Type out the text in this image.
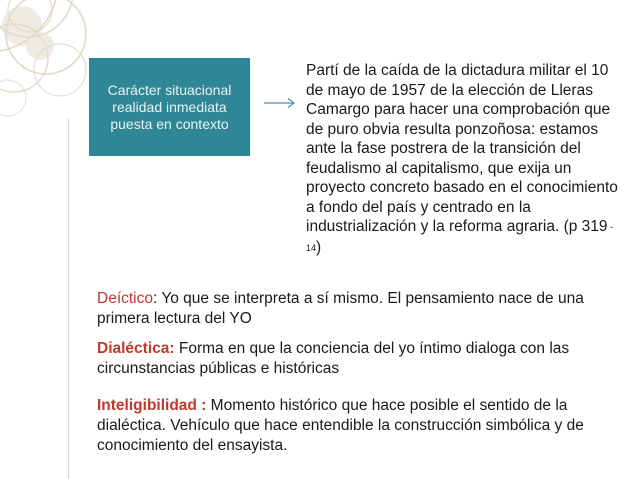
Carácter situacional realidad inmediata puesta en contexto
Partí de la caída de la dictadura militar el 10 de mayo de 1957 de la elección de Lleras Camargo para hacer una comprobación que de puro obvia resulta ponzoñosa: estamos ante la fase postrera de la transición del feudalismo al capitalismo, que exija un proyecto concreto basado en el conocimiento a fondo del país y centrado en la industrialización y la reforma agraria. (p 319 - 14)
Deíctico: Yo que se interpreta a sí mismo. El pensamiento nace de una primera lectura del YO
Dialéctica: Forma en que la conciencia del yo íntimo dialoga con las circunstancias públicas e históricas
Inteligibilidad : Momento histórico que hace posible el sentido de la dialéctica. Vehículo que hace entendible la construcción simbólica y de conocimiento del ensayista.
